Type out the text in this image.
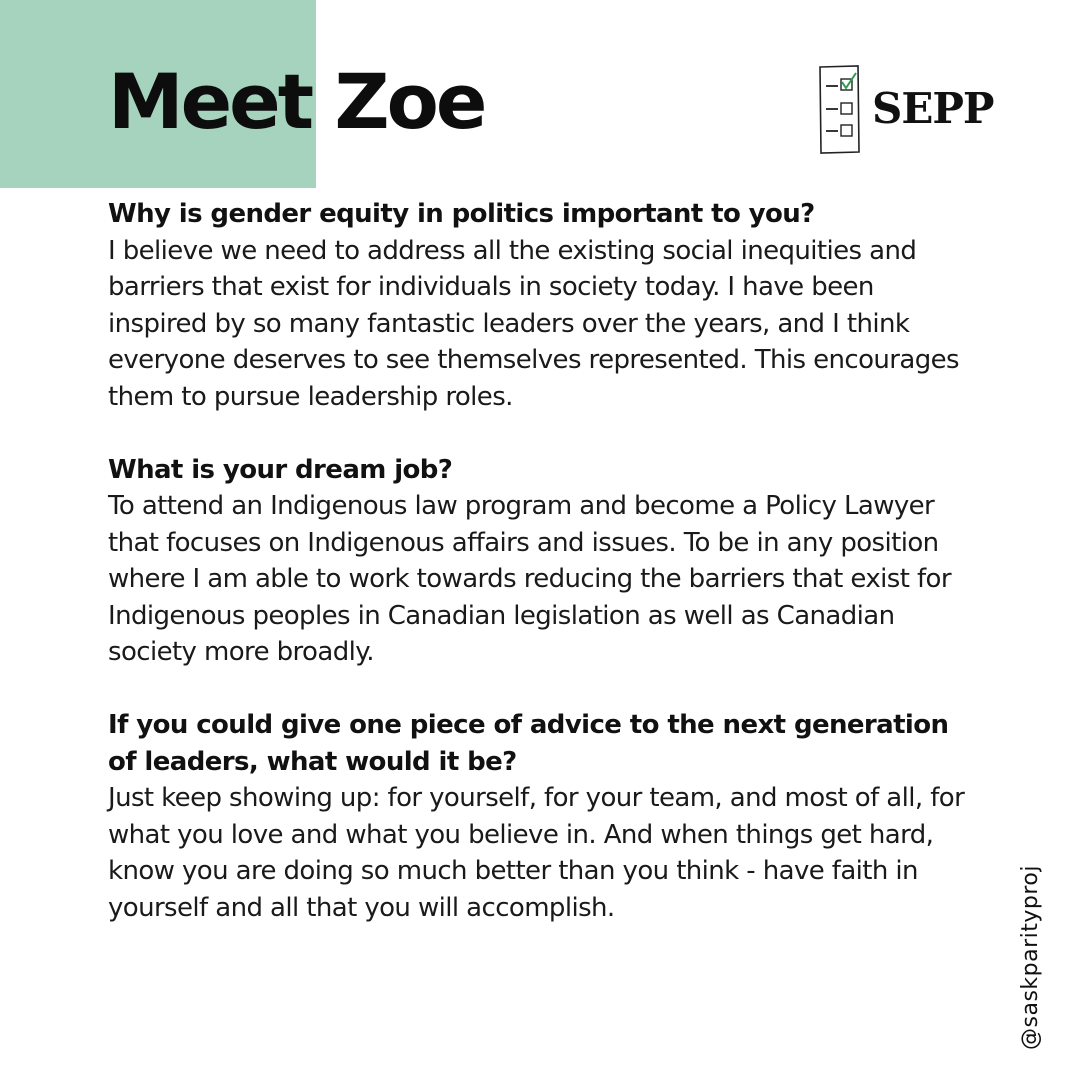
Meet Zoe	SEPP

Why is gender equity in politics important to you?

I believe we need to address all the existing social inequities and barriers that exist for individuals in society today. I have been inspired by so many fantastic leaders over the years, and I think everyone deserves to see themselves represented. This encourages them to pursue leadership roles.

What is your dream job?

To attend an Indigenous law program and become a Policy Lawyer that focuses on Indigenous affairs and issues. To be in any position where I am able to work towards reducing the barriers that exist for Indigenous peoples in Canadian legislation as well as Canadian society more broadly.

If you could give one piece of advice to the next generation of leaders, what would it be?

Just keep showing up: for yourself, for your team, and most of all, for what you love and what you believe in. And when things get hard, know you are doing so much better than you think - have faith in yourself and all that you will accomplish.	@saskparityproj
